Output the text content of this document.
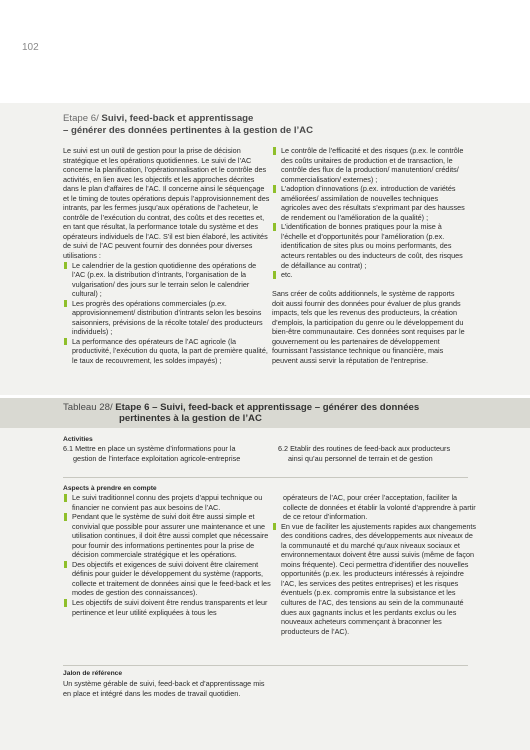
102
Etape 6/ Suivi, feed-back et apprentissage
– générer des données pertinentes à la gestion de l’AC

Le suivi est un outil de gestion pour la prise de décision stratégique et les opérations quotidiennes. Le suivi de l’AC concerne la planification, l’opérationnalisation et le contrôle des activités, en lien avec les objectifs et les approches décrites dans le plan d’affaires de l’AC. Il concerne ainsi le séquençage et le timing de toutes opérations depuis l’approvisionnement des intrants, par les fermes jusqu’aux opérations de l’acheteur, le contrôle de l’exécution du contrat, des coûts et des recettes et, en tant que résultat, la performance totale du système et des opérateurs individuels de l’AC. S’il est bien élaboré, les activités de suivi de l’AC peuvent fournir des données pour diverses utilisations :

Le calendrier de la gestion quotidienne des opérations de l’AC (p.ex. la distribution d’intrants, l’organisation de la vulgarisation/ des jours sur le terrain selon le calendrier cultural) ;
Les progrès des opérations commerciales (p.ex. approvisionnement/ distribution d’intrants selon les besoins saisonniers, prévisions de la récolte totale/ des producteurs individuels) ;
La performance des opérateurs de l’AC agricole (la productivité, l’exécution du quota, la part de première qualité, le taux de recouvrement, les soldes impayés) ;
Le contrôle de l’efficacité et des risques (p.ex. le contrôle des coûts unitaires de production et de transaction, le contrôle des flux de la production/ manutention/ crédits/ commercialisation/ externes) ;
L’adoption d’innovations (p.ex. introduction de variétés améliorées/ assimilation de nouvelles techniques agricoles avec des résultats s’exprimant par des hausses de rendement ou l’amélioration de la qualité) ;
L’identification de bonnes pratiques pour la mise à l’échelle et d’opportunités pour l’amélioration (p.ex. identification de sites plus ou moins performants, des acteurs rentables ou des inducteurs de coût, des risques de défaillance au contrat) ;
etc.

Sans créer de coûts additionnels, le système de rapports doit aussi fournir des données pour évaluer de plus grands impacts, tels que les revenus des producteurs, la création d’emplois, la participation du genre ou le développement du bien-être communautaire. Ces données sont requises par le gouvernement ou les partenaires de développement fournissant l’assistance technique ou financière, mais peuvent aussi servir la réputation de l’entreprise.

Tableau 28/ Etape 6 – Suivi, feed-back et apprentissage – générer des données
pertinentes à la gestion de l’AC
Activities
6.1 Mettre en place un système d’informations pour la
gestion de l’interface exploitation agricole-entreprise
6.2 Etablir des routines de feed-back aux producteurs
ainsi qu’au personnel de terrain et de gestion
Aspects à prendre en compte
Le suivi traditionnel connu des projets d’appui technique ou financier ne convient pas aux besoins de l’AC.
Pendant que le système de suivi doit être aussi simple et convivial que possible pour assurer une maintenance et une utilisation continues, il doit être aussi complet que nécessaire pour fournir des informations pertinentes pour la prise de décision commerciale stratégique et les opérations.
Des objectifs et exigences de suivi doivent être clairement définis pour guider le développement du système (rapports, collecte et traitement de données ainsi que le feed-back et les modes de gestion des connaissances).
Les objectifs de suivi doivent être rendus transparents et leur pertinence et leur utilité expliquées à tous les

opérateurs de l’AC, pour créer l’acceptation, faciliter la collecte de données et établir la volonté d’apprendre à partir de ce retour d’information.

En vue de faciliter les ajustements rapides aux changements des conditions cadres, des développements aux niveaux de la communauté et du marché qu’aux niveaux sociaux et environnementaux doivent être aussi suivis (même de façon moins fréquente). Ceci permettra d’identifier des nouvelles opportunités (p.ex. les producteurs intéressés à rejoindre l’AC, les services des petites entreprises) et les risques éventuels (p.ex. compromis entre la subsistance et les cultures de l’AC, des tensions au sein de la communauté dues aux gagnants inclus et les perdants exclus ou les nouveaux acheteurs commençant à braconner les producteurs de l’AC).
Jalon de référence
Un système gérable de suivi, feed-back et d’apprentissage mis en place et intégré dans les modes de travail quotidien.
